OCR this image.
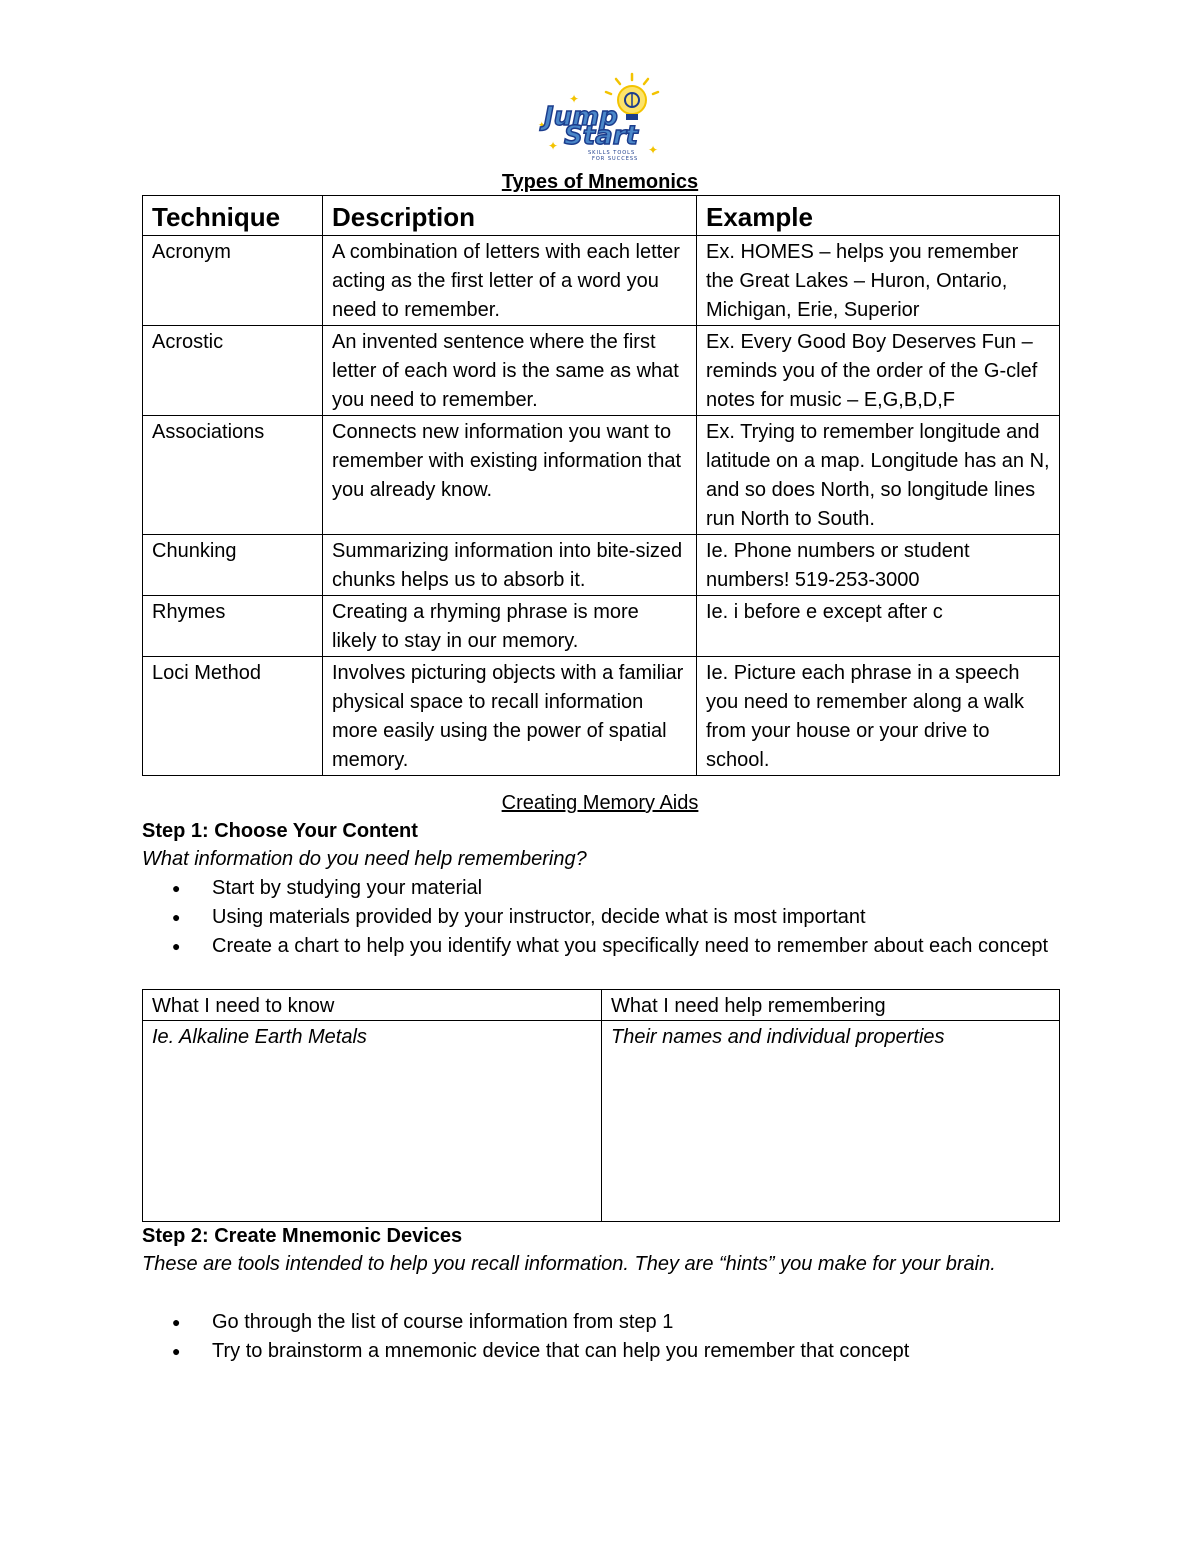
✦
✦	✦
✦
Jump
Start
SKILLS TOOLS
FOR SUCCESS
Types of Mnemonics
Technique	Description	Example
Acronym	A combination of letters with each letter acting as the first letter of a word you need to remember.	Ex. HOMES – helps you remember the Great Lakes – Huron, Ontario, Michigan, Erie, Superior
Acrostic	An invented sentence where the first letter of each word is the same as what you need to remember.	Ex. Every Good Boy Deserves Fun – reminds you of the order of the G-clef notes for music – E,G,B,D,F
Associations	Connects new information you want to remember with existing information that you already know.	Ex. Trying to remember longitude and latitude on a map. Longitude has an N, and so does North, so longitude lines run North to South.
Chunking	Summarizing information into bite-sized chunks helps us to absorb it.	Ie. Phone numbers or student numbers! 519-253-3000
Rhymes	Creating a rhyming phrase is more likely to stay in our memory.	Ie. i before e except after c
Loci Method	Involves picturing objects with a familiar physical space to recall information more easily using the power of spatial memory.	Ie. Picture each phrase in a speech you need to remember along a walk from your house or your drive to school.
Creating Memory Aids
Step 1: Choose Your Content
What information do you need help remembering?
● Start by studying your material
● Using materials provided by your instructor, decide what is most important
● Create a chart to help you identify what you specifically need to remember about each concept
What I need to know	What I need help remembering
Ie. Alkaline Earth Metals	Their names and individual properties
Step 2: Create Mnemonic Devices
These are tools intended to help you recall information. They are “hints” you make for your brain.
● Go through the list of course information from step 1
● Try to brainstorm a mnemonic device that can help you remember that concept
